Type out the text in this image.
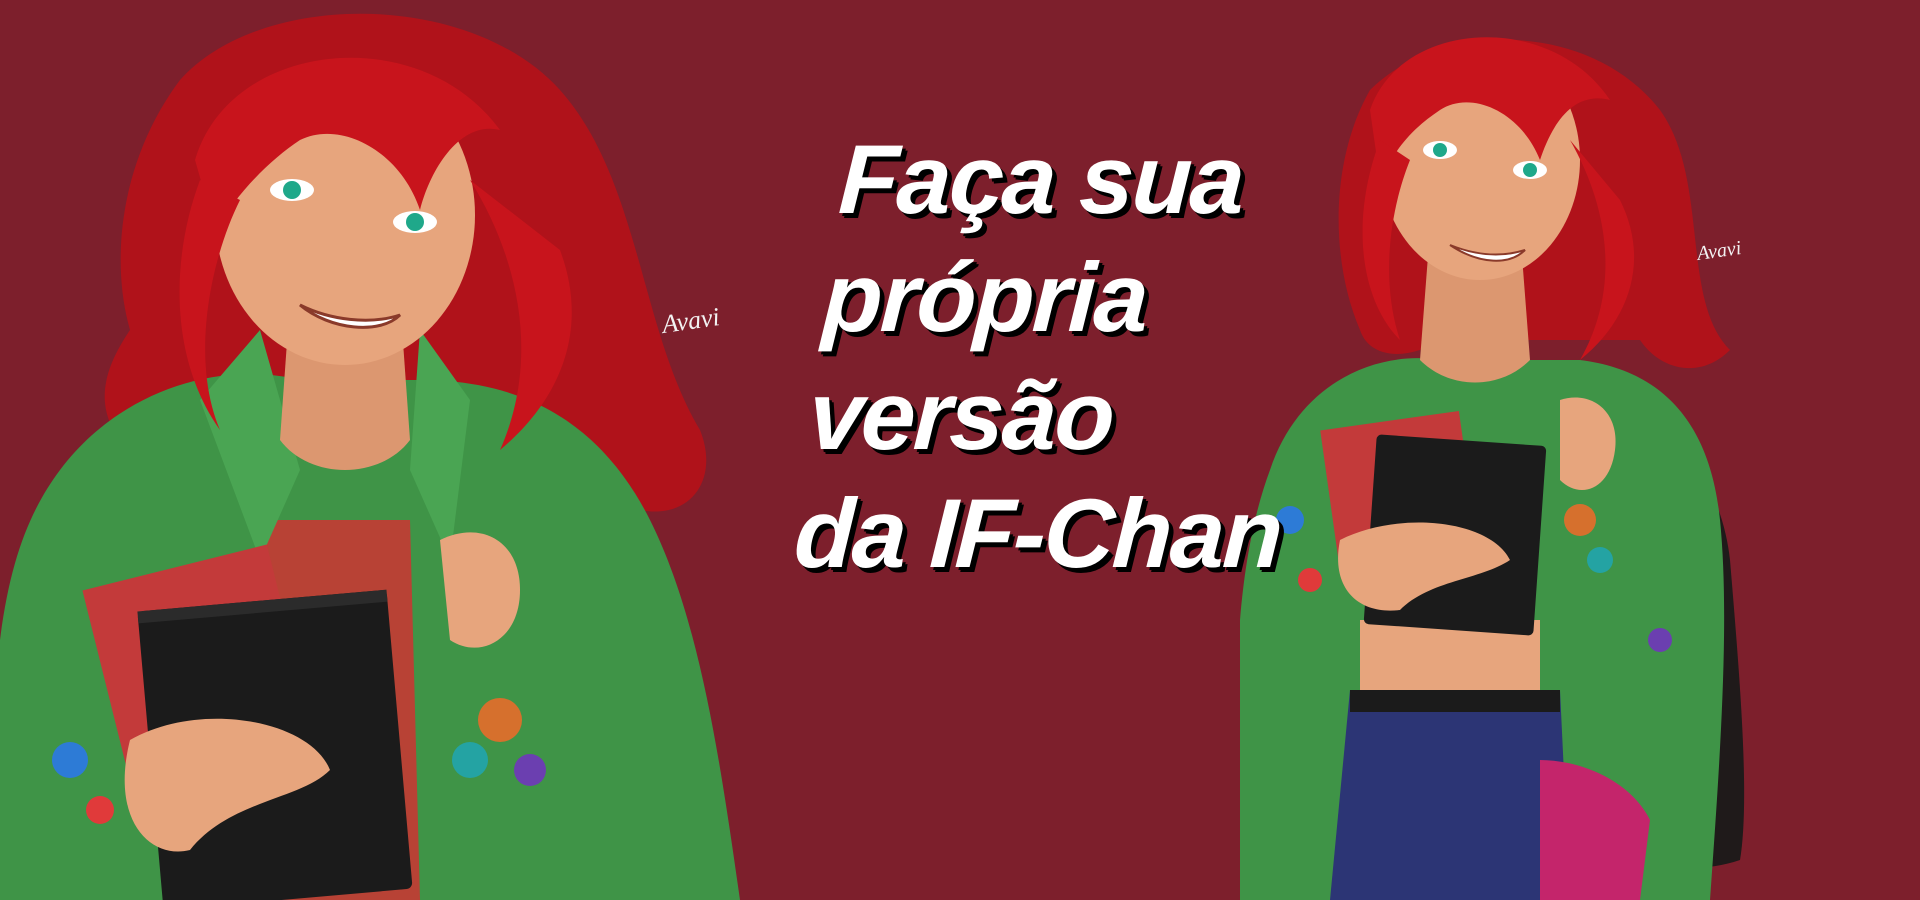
Avavi
Avavi
Faça sua
própria
versão
da IF-Chan
